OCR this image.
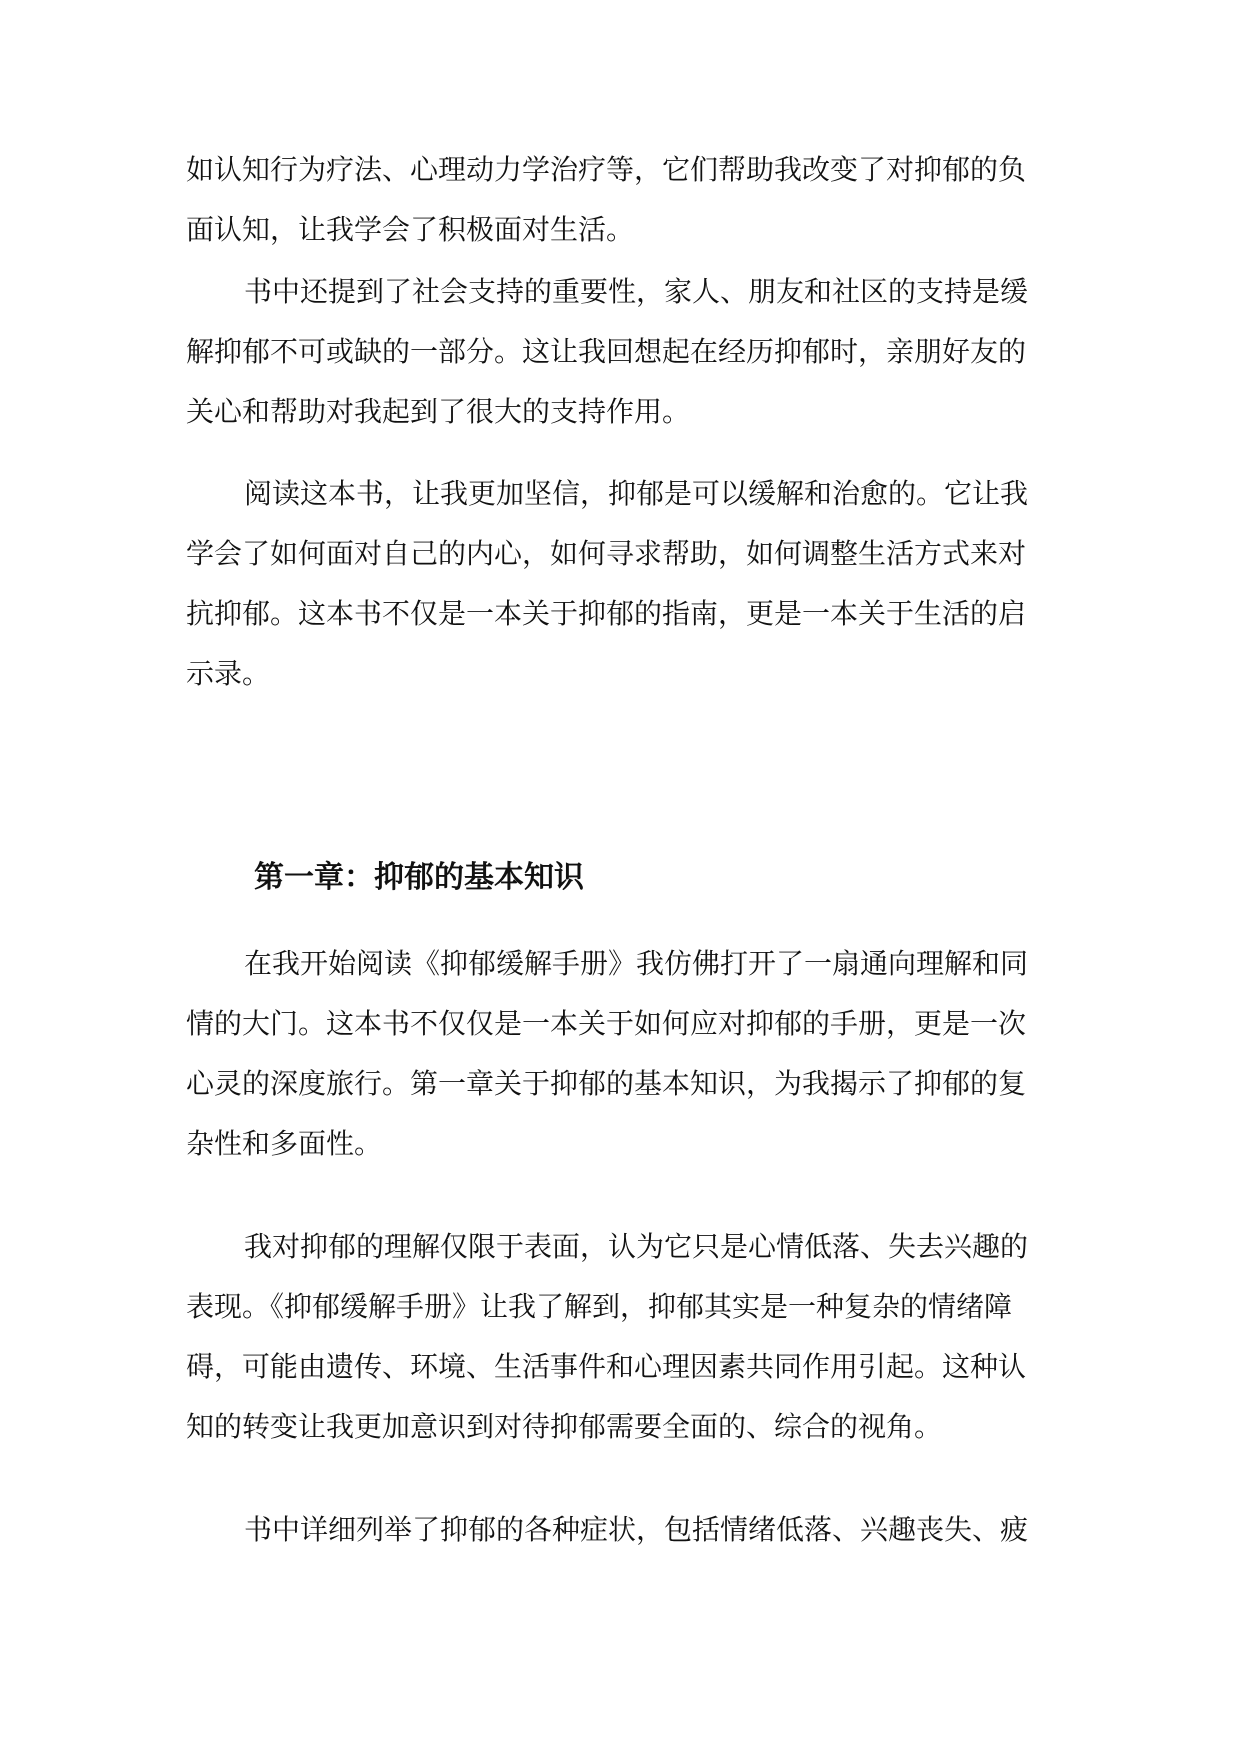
如认知行为疗法、心理动力学治疗等，它们帮助我改变了对抑郁的负
面认知，让我学会了积极面对生活。

书中还提到了社会支持的重要性，家人、朋友和社区的支持是缓
解抑郁不可或缺的一部分。这让我回想起在经历抑郁时，亲朋好友的
关心和帮助对我起到了很大的支持作用。

阅读这本书，让我更加坚信，抑郁是可以缓解和治愈的。它让我
学会了如何面对自己的内心，如何寻求帮助，如何调整生活方式来对
抗抑郁。这本书不仅是一本关于抑郁的指南，更是一本关于生活的启
示录。

第一章：抑郁的基本知识

在我开始阅读《抑郁缓解手册》我仿佛打开了一扇通向理解和同
情的大门。这本书不仅仅是一本关于如何应对抑郁的手册，更是一次
心灵的深度旅行。第一章关于抑郁的基本知识，为我揭示了抑郁的复
杂性和多面性。

我对抑郁的理解仅限于表面，认为它只是心情低落、失去兴趣的
表现。《抑郁缓解手册》让我了解到，抑郁其实是一种复杂的情绪障
碍，可能由遗传、环境、生活事件和心理因素共同作用引起。这种认
知的转变让我更加意识到对待抑郁需要全面的、综合的视角。

书中详细列举了抑郁的各种症状，包括情绪低落、兴趣丧失、疲
